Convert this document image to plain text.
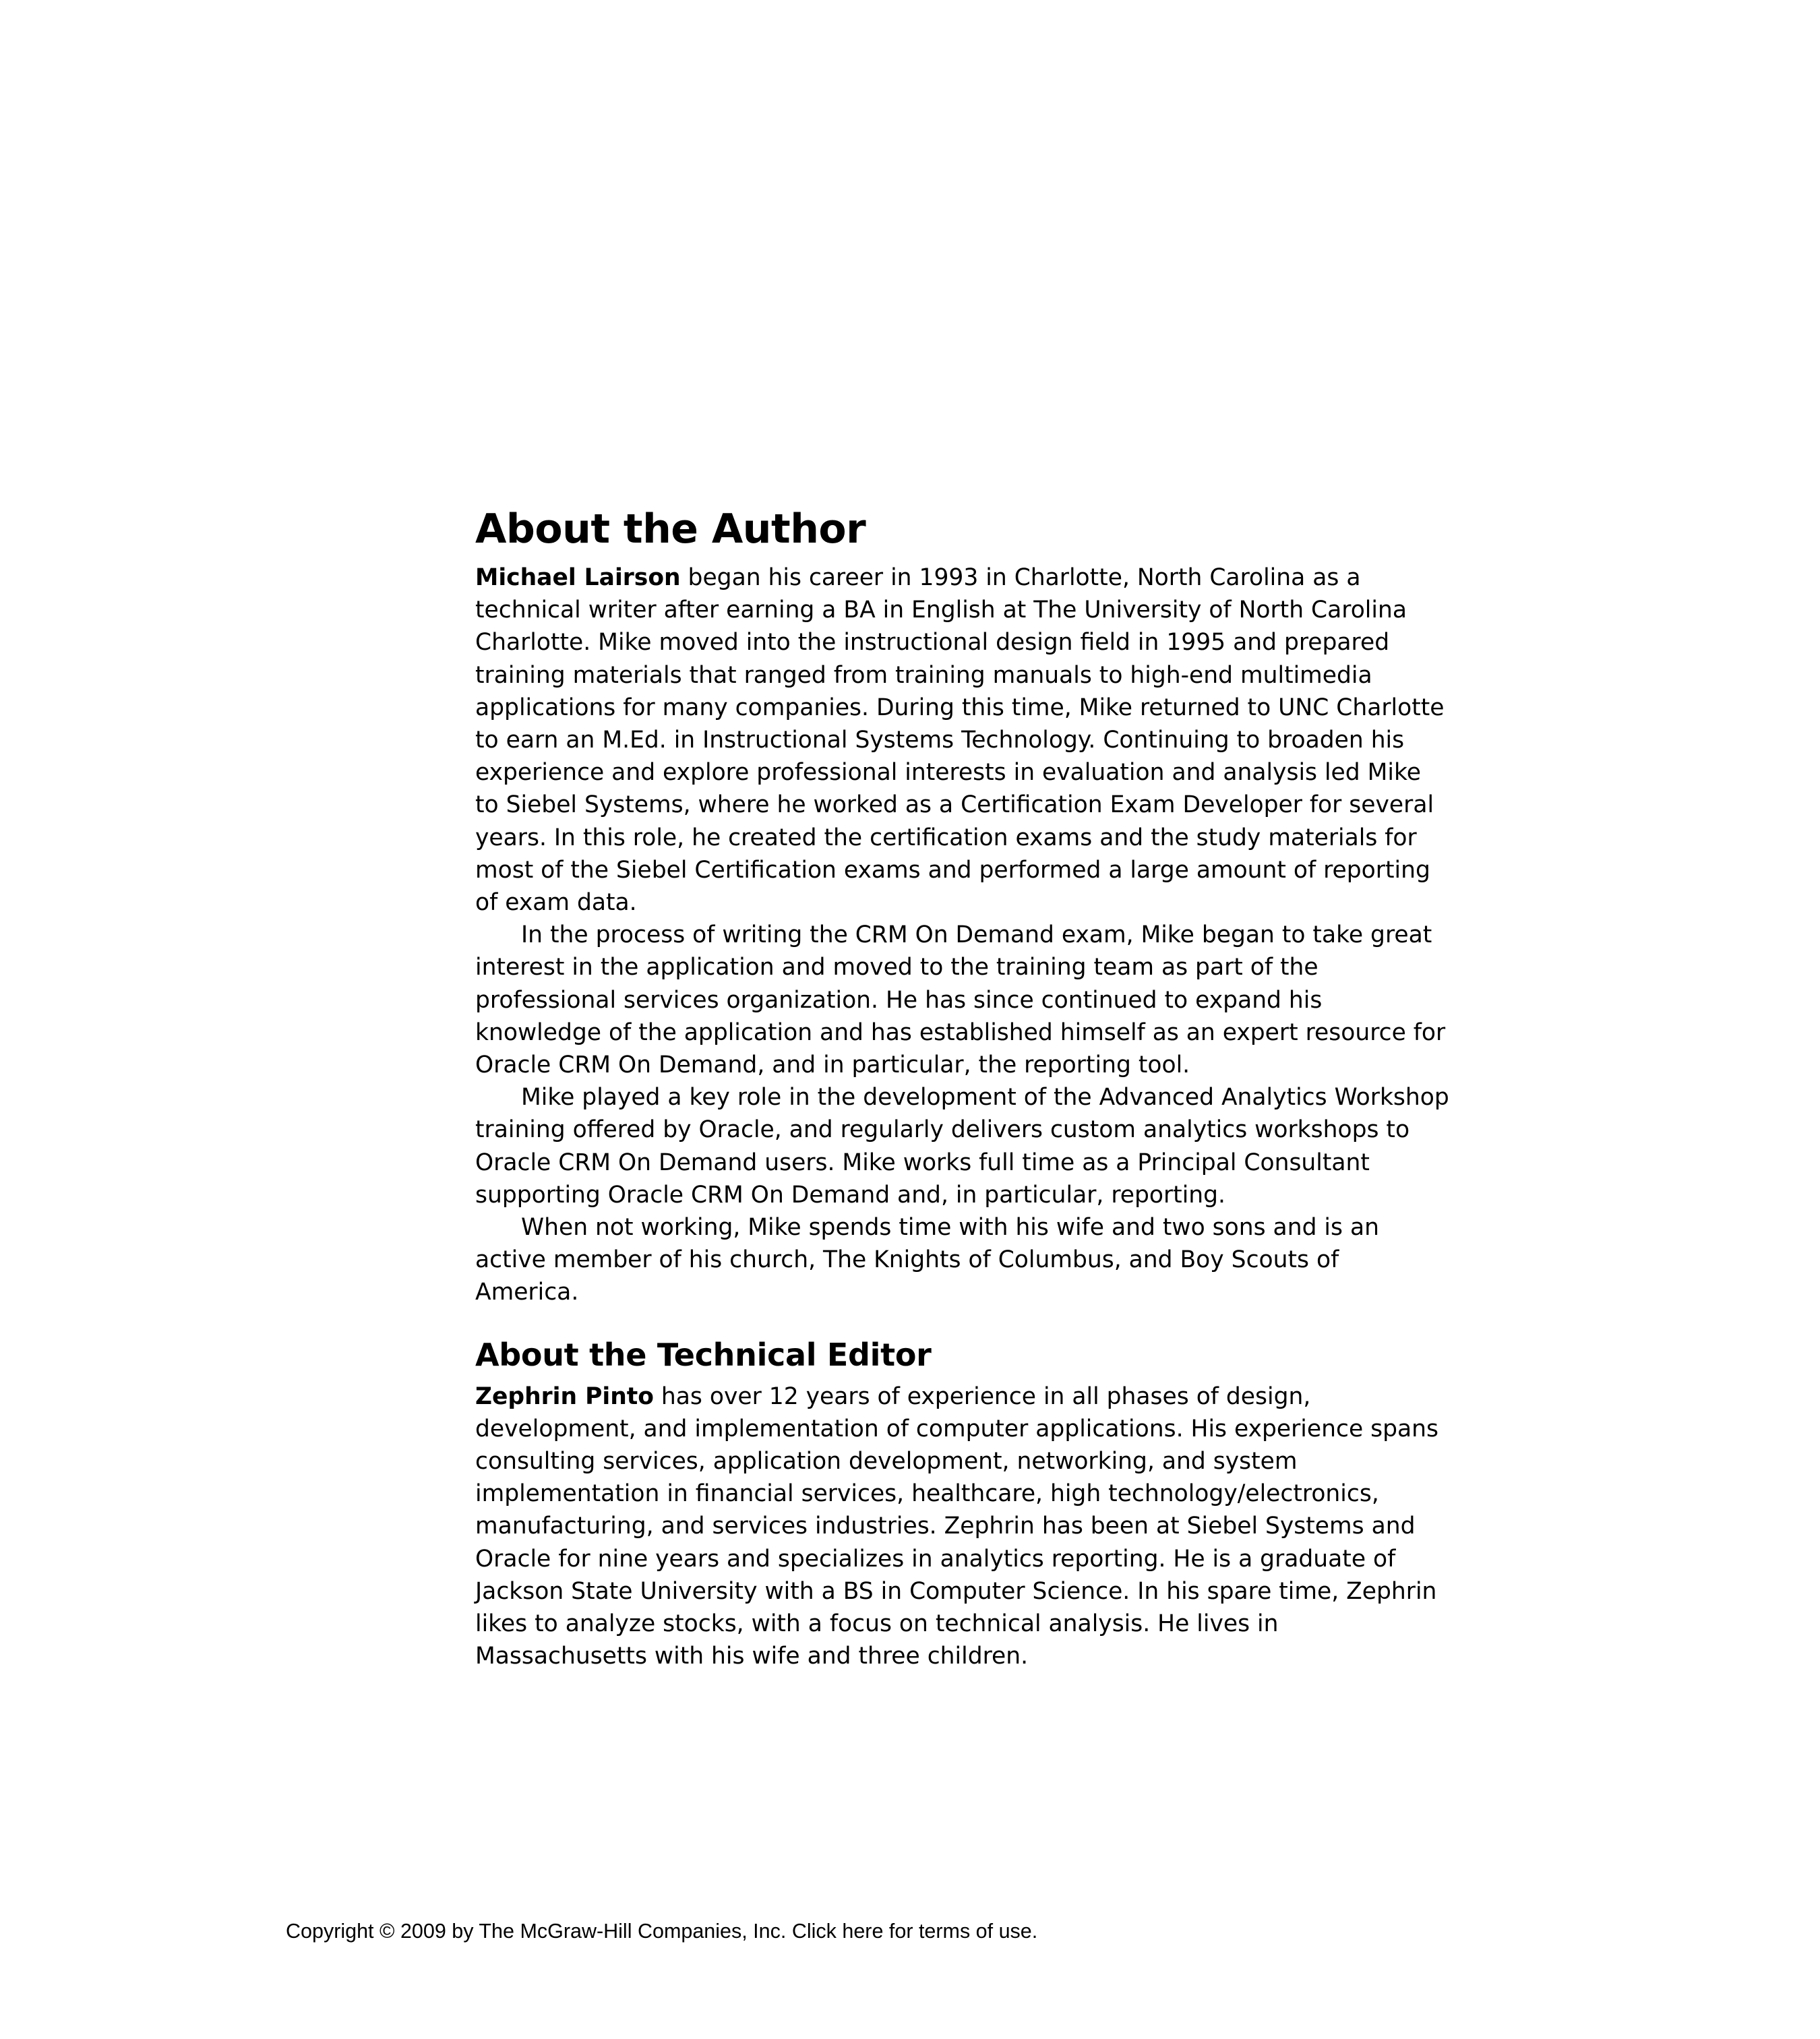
About the Author

Michael Lairson began his career in 1993 in Charlotte, North Carolina as a technical writer after earning a BA in English at The University of North Carolina Charlotte. Mike moved into the instructional design field in 1995 and prepared training materials that ranged from training manuals to high-end multimedia applications for many companies. During this time, Mike returned to UNC Charlotte to earn an M.Ed. in Instructional Systems Technology. Continuing to broaden his experience and explore professional interests in evaluation and analysis led Mike to Siebel Systems, where he worked as a Certification Exam Developer for several years. In this role, he created the certification exams and the study materials for most of the Siebel Certification exams and performed a large amount of reporting of exam data.

In the process of writing the CRM On Demand exam, Mike began to take great interest in the application and moved to the training team as part of the professional services organization. He has since continued to expand his knowledge of the application and has established himself as an expert resource for Oracle CRM On Demand, and in particular, the reporting tool.

Mike played a key role in the development of the Advanced Analytics Workshop training offered by Oracle, and regularly delivers custom analytics workshops to Oracle CRM On Demand users. Mike works full time as a Principal Consultant supporting Oracle CRM On Demand and, in particular, reporting.

When not working, Mike spends time with his wife and two sons and is an active member of his church, The Knights of Columbus, and Boy Scouts of America.

About the Technical Editor

Zephrin Pinto has over 12 years of experience in all phases of design, development, and implementation of computer applications. His experience spans consulting services, application development, networking, and system implementation in financial services, healthcare, high technology/electronics, manufacturing, and services industries. Zephrin has been at Siebel Systems and Oracle for nine years and specializes in analytics reporting. He is a graduate of Jackson State University with a BS in Computer Science. In his spare time, Zephrin likes to analyze stocks, with a focus on technical analysis. He lives in Massachusetts with his wife and three children.

Copyright © 2009 by The McGraw-Hill Companies, Inc. Click here for terms of use.
